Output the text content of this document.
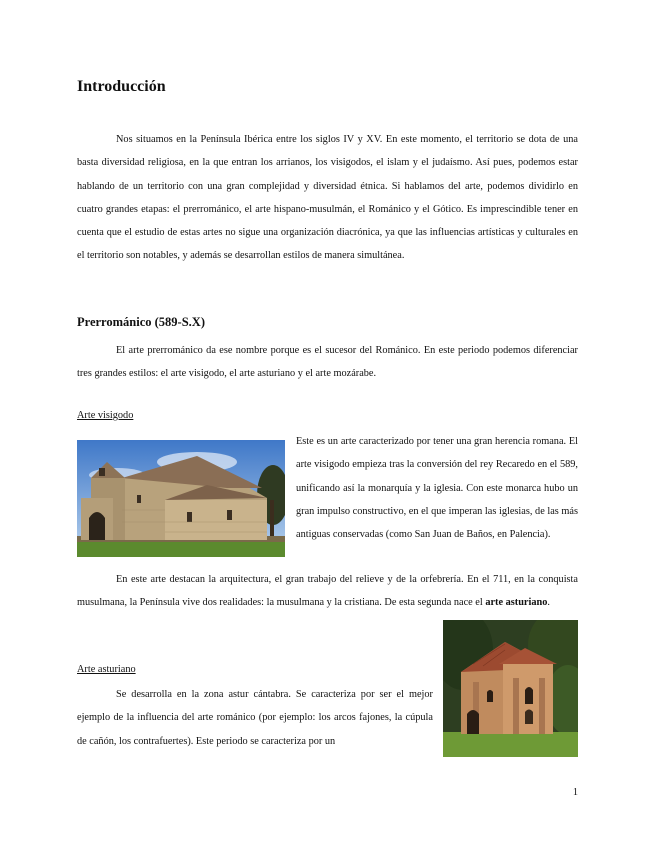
Introducción

Nos situamos en la Península Ibérica entre los siglos IV y XV. En este momento, el territorio se dota de una basta diversidad religiosa, en la que entran los arrianos, los visigodos, el islam y el judaísmo. Así pues, podemos estar hablando de un territorio con una gran complejidad y diversidad étnica. Si hablamos del arte, podemos dividirlo en cuatro grandes etapas: el prerrománico, el arte hispano-musulmán, el Románico y el Gótico. Es imprescindible tener en cuenta que el estudio de estas artes no sigue una organización diacrónica, ya que las influencias artísticas y culturales en el territorio son notables, y además se desarrollan estilos de manera simultánea.

Prerrománico (589-S.X)

El arte prerrománico da ese nombre porque es el sucesor del Románico. En este periodo podemos diferenciar tres grandes estilos: el arte visigodo, el arte asturiano y el arte mozárabe.

Arte visigodo

Este es un arte caracterizado por tener una gran herencia romana. El arte visigodo empieza tras la conversión del rey Recaredo en el 589, unificando así la monarquía y la iglesia. Con este monarca hubo un gran impulso constructivo, en el que imperan las iglesias, de las más antiguas conservadas (como San Juan de Baños, en Palencia).

En este arte destacan la arquitectura, el gran trabajo del relieve y de la orfebrería. En el 711, en la conquista musulmana, la Península vive dos realidades: la musulmana y la cristiana. De esta segunda nace el arte asturiano.

Arte asturiano

Se desarrolla en la zona astur cántabra. Se caracteriza por ser el mejor ejemplo de la influencia del arte románico (por ejemplo: los arcos fajones, la cúpula de cañón, los contrafuertes). Este periodo se caracteriza por un

1
